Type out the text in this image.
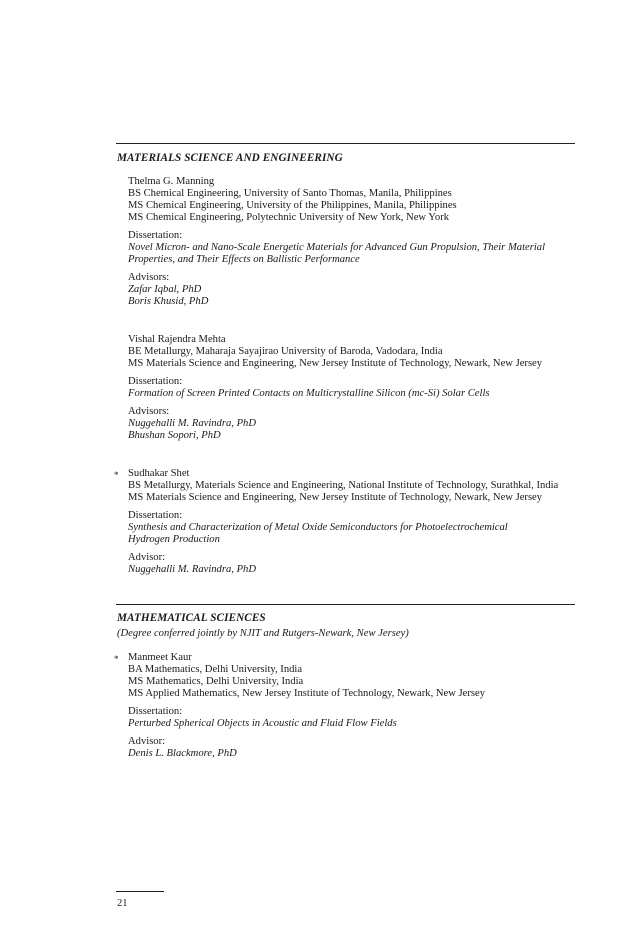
MATERIALS SCIENCE AND ENGINEERING
Thelma G. Manning
BS Chemical Engineering, University of Santo Thomas, Manila, Philippines
MS Chemical Engineering, University of the Philippines, Manila, Philippines
MS Chemical Engineering, Polytechnic University of New York, New York
Dissertation:
Novel Micron- and Nano-Scale Energetic Materials for Advanced Gun Propulsion, Their Material
Properties, and Their Effects on Ballistic Performance
Advisors:
Zafar Iqbal, PhD
Boris Khusid, PhD
Vishal Rajendra Mehta
BE Metallurgy, Maharaja Sayajirao University of Baroda, Vadodara, India
MS Materials Science and Engineering, New Jersey Institute of Technology, Newark, New Jersey
Dissertation:
Formation of Screen Printed Contacts on Multicrystalline Silicon (mc-Si) Solar Cells
Advisors:
Nuggehalli M. Ravindra, PhD
Bhushan Sopori, PhD
* Sudhakar Shet
BS Metallurgy, Materials Science and Engineering, National Institute of Technology, Surathkal, India
MS Materials Science and Engineering, New Jersey Institute of Technology, Newark, New Jersey
Dissertation:
Synthesis and Characterization of Metal Oxide Semiconductors for Photoelectrochemical
Hydrogen Production
Advisor:
Nuggehalli M. Ravindra, PhD
MATHEMATICAL SCIENCES
(Degree conferred jointly by NJIT and Rutgers-Newark, New Jersey)
* Manmeet Kaur
BA Mathematics, Delhi University, India
MS Mathematics, Delhi University, India
MS Applied Mathematics, New Jersey Institute of Technology, Newark, New Jersey
Dissertation:
Perturbed Spherical Objects in Acoustic and Fluid Flow Fields
Advisor:
Denis L. Blackmore, PhD
21
